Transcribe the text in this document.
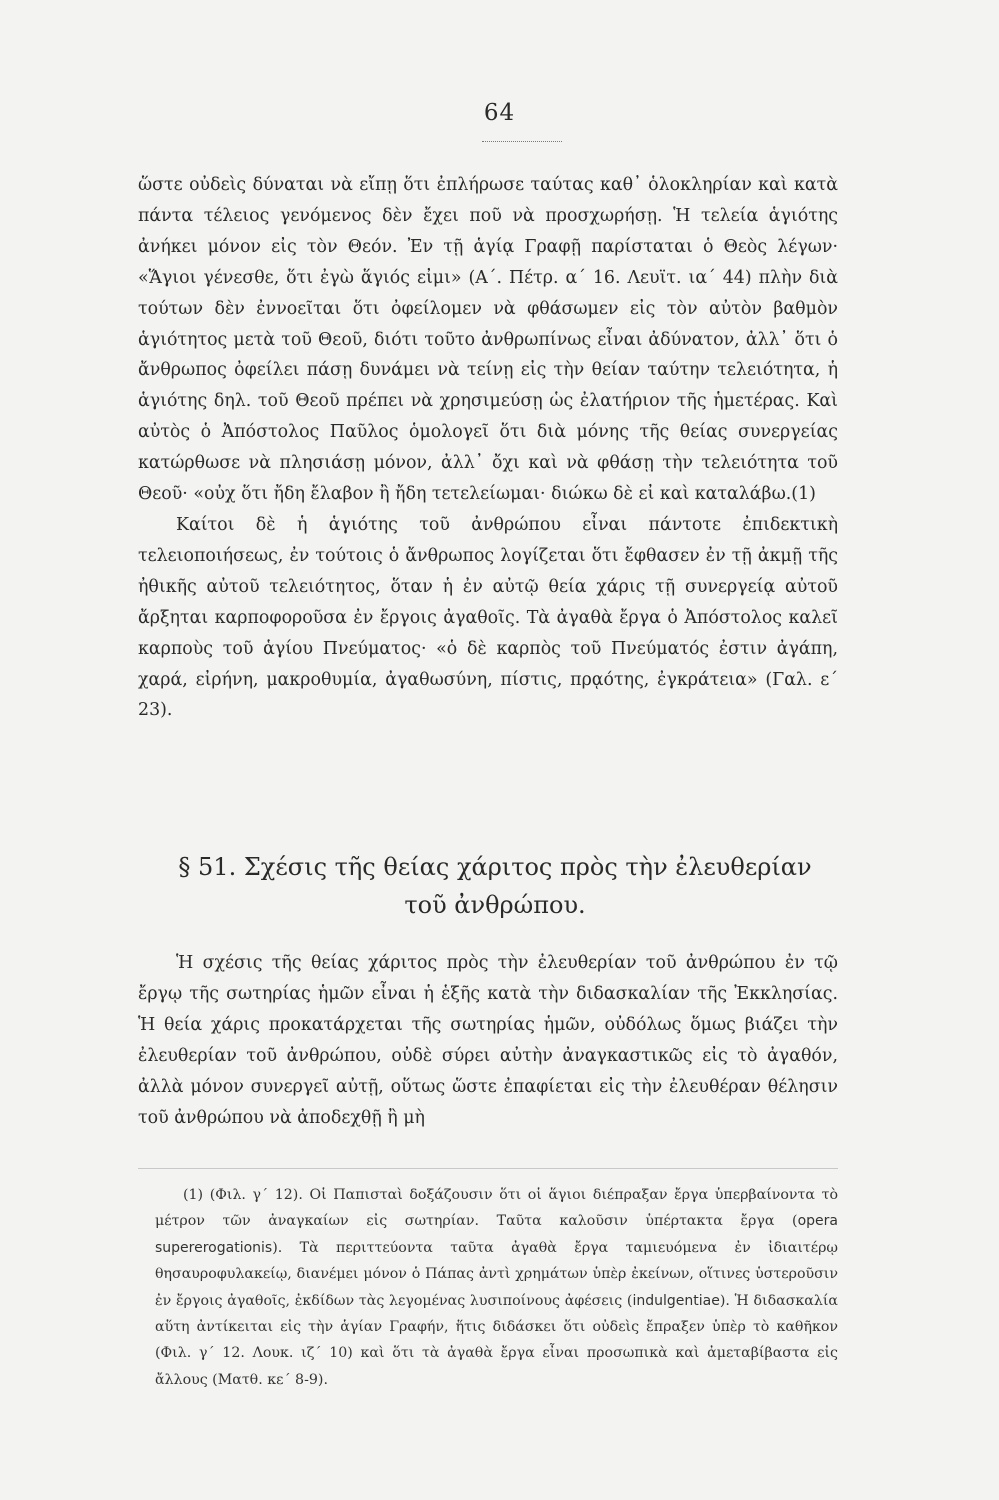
64

ὥστε οὐδεὶς δύναται νὰ εἴπῃ ὅτι ἐπλήρωσε ταύτας καθ᾽ ὁλοκληρίαν καὶ κατὰ πάντα τέλειος γενόμενος δὲν ἔχει ποῦ νὰ προσχωρήσῃ. Ἡ τελεία ἁγιότης ἀνήκει μόνον εἰς τὸν Θεόν. Ἐν τῇ ἁγίᾳ Γραφῇ παρίσταται ὁ Θεὸς λέγων· «Ἅγιοι γένεσθε, ὅτι ἐγὼ ἅγιός εἰμι» (Α΄. Πέτρ. α΄ 16. Λευϊτ. ια΄ 44) πλὴν διὰ τούτων δὲν ἐννοεῖται ὅτι ὀφείλομεν νὰ φθάσωμεν εἰς τὸν αὐτὸν βαθμὸν ἁγιότητος μετὰ τοῦ Θεοῦ, διότι τοῦτο ἀνθρωπίνως εἶναι ἀδύνατον, ἀλλ᾽ ὅτι ὁ ἄνθρωπος ὀφείλει πάσῃ δυνάμει νὰ τείνῃ εἰς τὴν θείαν ταύτην τελειότητα, ἡ ἁγιότης δηλ. τοῦ Θεοῦ πρέπει νὰ χρησιμεύσῃ ὡς ἐλατήριον τῆς ἡμετέρας. Καὶ αὐτὸς ὁ Ἀπόστολος Παῦλος ὁμολογεῖ ὅτι διὰ μόνης τῆς θείας συνεργείας κατώρθωσε νὰ πλησιάσῃ μόνον, ἀλλ᾽ ὄχι καὶ νὰ φθάσῃ τὴν τελειότητα τοῦ Θεοῦ· «οὐχ ὅτι ἤδη ἔλαβον ἢ ἤδη τετελείωμαι· διώκω δὲ εἰ καὶ καταλάβω.(1)

Καίτοι δὲ ἡ ἁγιότης τοῦ ἀνθρώπου εἶναι πάντοτε ἐπιδεκτικὴ τελειοποιήσεως, ἐν τούτοις ὁ ἄνθρωπος λογίζεται ὅτι ἔφθασεν ἐν τῇ ἀκμῇ τῆς ἠθικῆς αὐτοῦ τελειότητος, ὅταν ἡ ἐν αὐτῷ θεία χάρις τῇ συνεργείᾳ αὐτοῦ ἄρξηται καρποφοροῦσα ἐν ἔργοις ἀγαθοῖς. Τὰ ἀγαθὰ ἔργα ὁ Ἀπόστολος καλεῖ καρποὺς τοῦ ἁγίου Πνεύματος· «ὁ δὲ καρπὸς τοῦ Πνεύματός ἐστιν ἀγάπη, χαρά, εἰρήνη, μακροθυμία, ἀγαθωσύνη, πίστις, πρᾳότης, ἐγκράτεια» (Γαλ. ε΄ 23).

§ 51. Σχέσις τῆς θείας χάριτος πρὸς τὴν ἐλευθερίαν
τοῦ ἀνθρώπου.

Ἡ σχέσις τῆς θείας χάριτος πρὸς τὴν ἐλευθερίαν τοῦ ἀνθρώπου ἐν τῷ ἔργῳ τῆς σωτηρίας ἡμῶν εἶναι ἡ ἑξῆς κατὰ τὴν διδασκαλίαν τῆς Ἐκκλησίας. Ἡ θεία χάρις προκατάρχεται τῆς σωτηρίας ἡμῶν, οὐδόλως ὅμως βιάζει τὴν ἐλευθερίαν τοῦ ἀνθρώπου, οὐδὲ σύρει αὐτὴν ἀναγκαστικῶς εἰς τὸ ἀγαθόν, ἀλλὰ μόνον συνεργεῖ αὐτῇ, οὕτως ὥστε ἐπαφίεται εἰς τὴν ἐλευθέραν θέλησιν τοῦ ἀνθρώπου νὰ ἀποδεχθῇ ἢ μὴ

(1) (Φιλ. γ΄ 12). Οἱ Παπισταὶ δοξάζουσιν ὅτι οἱ ἅγιοι διέπραξαν ἔργα ὑπερβαίνοντα τὸ μέτρον τῶν ἀναγκαίων εἰς σωτηρίαν. Ταῦτα καλοῦσιν ὑπέρτακτα ἔργα (opera supererogationis). Τὰ περιττεύοντα ταῦτα ἀγαθὰ ἔργα ταμιευόμενα ἐν ἰδιαιτέρῳ θησαυροφυλακείῳ, διανέμει μόνον ὁ Πάπας ἀντὶ χρημάτων ὑπὲρ ἐκείνων, οἵτινες ὑστεροῦσιν ἐν ἔργοις ἀγαθοῖς, ἐκδίδων τὰς λεγομένας λυσιποίνους ἀφέσεις (indulgentiae). Ἡ διδασκαλία αὕτη ἀντίκειται εἰς τὴν ἁγίαν Γραφήν, ἥτις διδάσκει ὅτι οὐδεὶς ἔπραξεν ὑπὲρ τὸ καθῆκον (Φιλ. γ΄ 12. Λουκ. ιζ΄ 10) καὶ ὅτι τὰ ἀγαθὰ ἔργα εἶναι προσωπικὰ καὶ ἀμεταβίβαστα εἰς ἄλλους (Ματθ. κε΄ 8-9).
